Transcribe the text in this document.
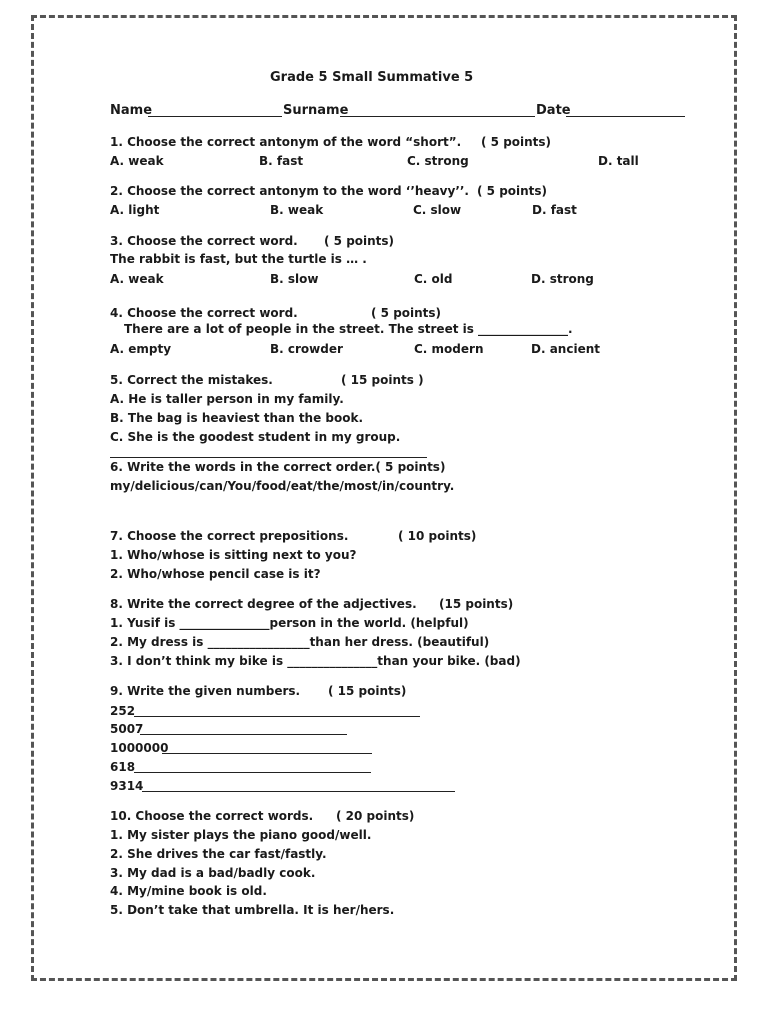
Grade 5 Small Summative 5
Name	Surname	Date
1. Choose the correct antonym of the word “short”. ( 5 points)
A. weak	B. fast	C. strong	D. tall
2. Choose the correct antonym to the word ‘’heavy’’. ( 5 points)
A. light	B. weak	C. slow	D. fast
3. Choose the correct word. ( 5 points)
The rabbit is fast, but the turtle is … .
A. weak	B. slow	C. old	D. strong
4. Choose the correct word.	( 5 points)
There are a lot of people in the street. The street is _______________.
A. empty	B. crowder	C. modern	D. ancient
5. Correct the mistakes.	( 15 points )
A. He is taller person in my family.
B. The bag is heaviest than the book.
C. She is the goodest student in my group.
6. Write the words in the correct order.( 5 points)
my/delicious/can/You/food/eat/the/most/in/country.
7. Choose the correct prepositions.	( 10 points)
1. Who/whose is sitting next to you?
2. Who/whose pencil case is it?
8. Write the correct degree of the adjectives. (15 points)
1. Yusif is _______________person in the world. (helpful)
2. My dress is _________________than her dress. (beautiful)
3. I don’t think my bike is _______________than your bike. (bad)
9. Write the given numbers. ( 15 points)
252
5007
1000000
618
9314
10. Choose the correct words. ( 20 points)
1. My sister plays the piano good/well.
2. She drives the car fast/fastly.
3. My dad is a bad/badly cook.
4. My/mine book is old.
5. Don’t take that umbrella. It is her/hers.
